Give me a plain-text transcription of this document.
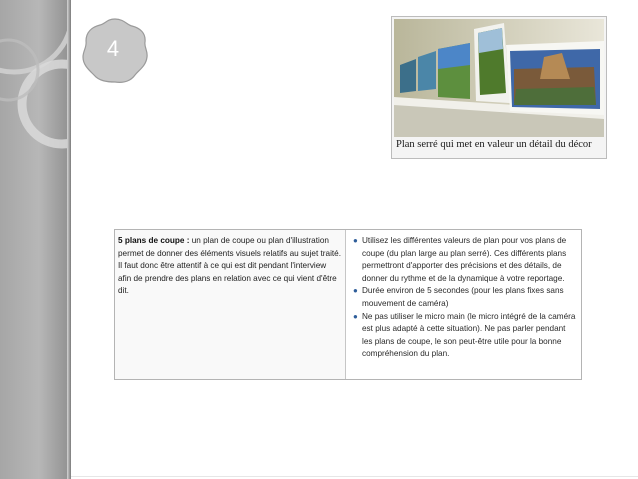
4
Plan serré qui met en valeur un détail du décor
5 plans de coupe : un plan de coupe ou plan d'illustration permet de donner des éléments visuels relatifs au sujet traité. Il faut donc être attentif à ce qui est dit pendant l'interview afin de prendre des plans en relation avec ce qui vient d'être dit.
● Utilisez les différentes valeurs de plan pour vos plans de coupe (du plan large au plan serré). Ces différents plans permettront d'apporter des précisions et des détails, de donner du rythme et de la dynamique à votre reportage.
● Durée environ de 5 secondes (pour les plans fixes sans mouvement de caméra)
● Ne pas utiliser le micro main (le micro intégré de la caméra est plus adapté à cette situation). Ne pas parler pendant les plans de coupe, le son peut-être utile pour la bonne compréhension du plan.
